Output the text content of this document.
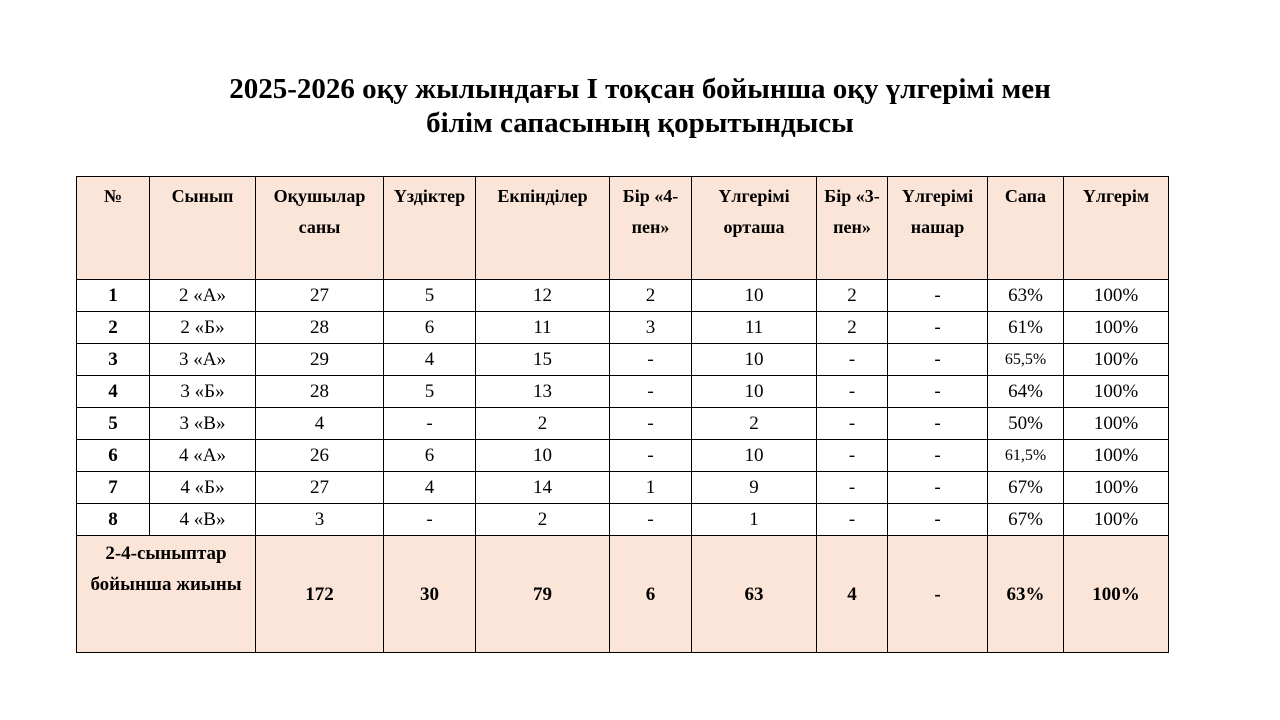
2025-2026 оқу жылындағы І тоқсан бойынша оқу үлгерімі мен
білім сапасының қорытындысы
№	Сынып	Оқушылар саны	Үздіктер	Екпінділер	Бір «4-пен»	Үлгерімі орташа	Бір «3-пен»	Үлгерімі нашар	Сапа	Үлгерім
1	2 «А»	27	5	12	2	10	2	-	63%	100%
2	2 «Б»	28	6	11	3	11	2	-	61%	100%
3	3 «А»	29	4	15	-	10	-	-	65,5%	100%
4	3 «Б»	28	5	13	-	10	-	-	64%	100%
5	3 «В»	4	-	2	-	2	-	-	50%	100%
6	4 «А»	26	6	10	-	10	-	-	61,5%	100%
7	4 «Б»	27	4	14	1	9	-	-	67%	100%
8	4 «В»	3	-	2	-	1	-	-	67%	100%
2-4-сыныптар бойынша жиыны		172	30	79	6	63	4	-	63%	100%
